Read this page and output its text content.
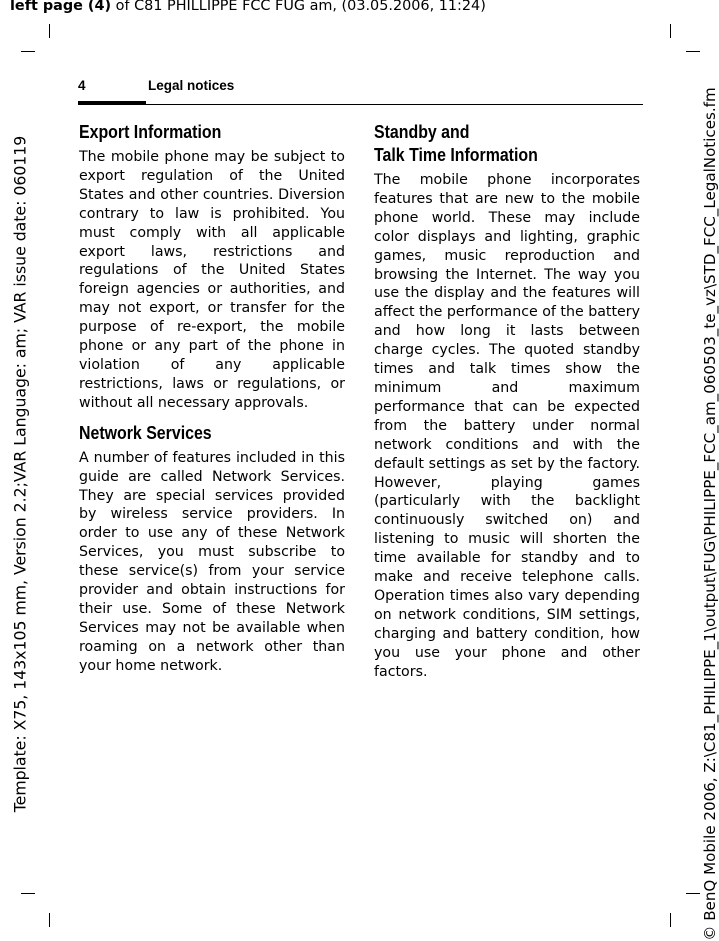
left page (4) of C81 PHILLIPPE FCC FUG am, (03.05.2006, 11:24)
Template: X75, 143x105 mm, Version 2.2;VAR Language: am; VAR issue date: 060119	© BenQ Mobile 2006, Z:\C81_PHILIPPE_1\output\FUG\PHILIPPE_FCC_am_060503_te_vz\STD_FCC_LegalNotices.fm
4	Legal notices
Export Information

The mobile phone may be subject to export regulation of the United States and other countries. Diversion contrary to law is prohibited. You must comply with all applicable export laws, restrictions and regulations of the United States foreign agencies or authorities, and may not export, or transfer for the purpose of re-export, the mobile phone or any part of the phone in violation of any applicable restrictions, laws or regulations, or without all necessary approvals.

Network Services

A number of features included in this guide are called Network Services. They are special services provided by wireless service providers. In order to use any of these Network Services, you must subscribe to these service(s) from your service provider and obtain instructions for their use. Some of these Network Services may not be available when roaming on a network other than your home network.

Standby and
Talk Time Information

The mobile phone incorporates features that are new to the mobile phone world. These may include color displays and lighting, graphic games, music reproduction and browsing the Internet. The way you use the display and the features will affect the performance of the battery and how long it lasts between charge cycles. The quoted standby times and talk times show the minimum and maximum performance that can be expected from the battery under normal network conditions and with the default settings as set by the factory. However, playing games (particularly with the backlight continuously switched on) and listening to music will shorten the time available for standby and to make and receive telephone calls. Operation times also vary depending on network conditions, SIM settings, charging and battery condition, how you use your phone and other factors.
